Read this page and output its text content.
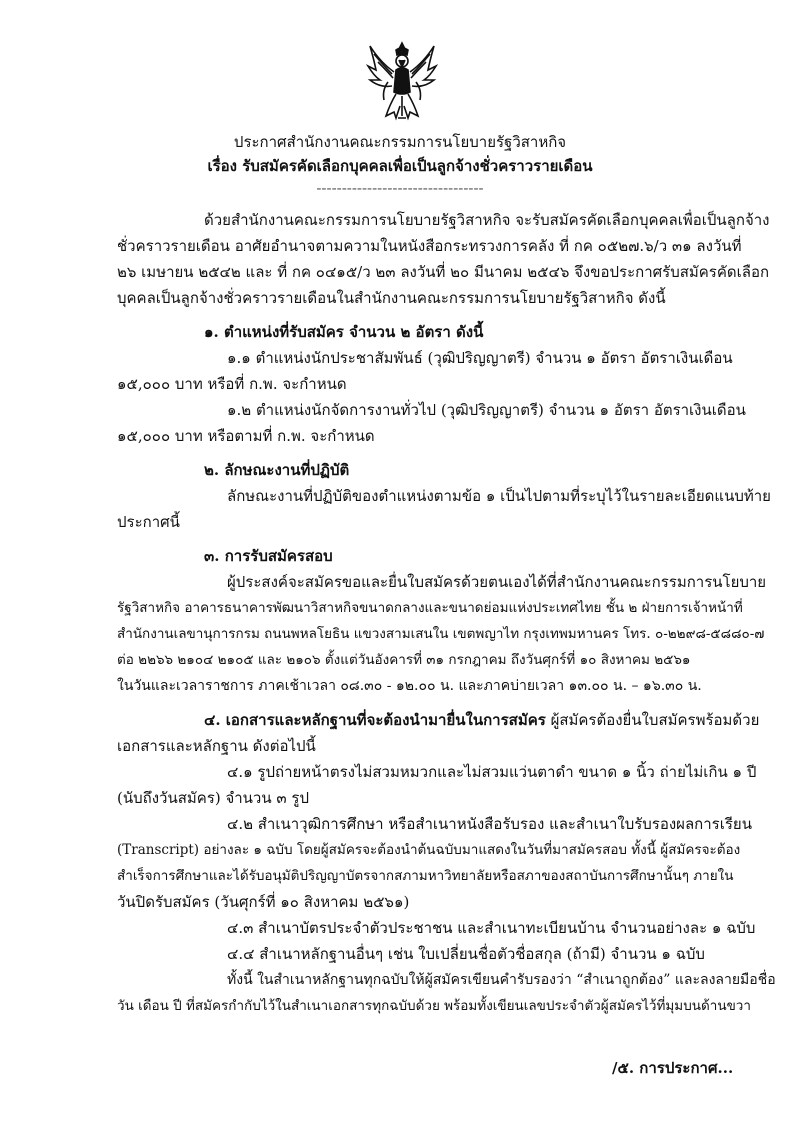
ประกาศสำนักงานคณะกรรมการนโยบายรัฐวิสาหกิจ
เรื่อง รับสมัครคัดเลือกบุคคลเพื่อเป็นลูกจ้างชั่วคราวรายเดือน
---------------------------------
ด้วยสำนักงานคณะกรรมการนโยบายรัฐวิสาหกิจ จะรับสมัครคัดเลือกบุคคลเพื่อเป็นลูกจ้าง
ชั่วคราวรายเดือน อาศัยอำนาจตามความในหนังสือกระทรวงการคลัง ที่ กค ๐๕๒๗.๖/ว ๓๑ ลงวันที่
๒๖ เมษายน ๒๕๔๒ และ ที่ กค ๐๔๑๕/ว ๒๓ ลงวันที่ ๒๐ มีนาคม ๒๕๔๖ จึงขอประกาศรับสมัครคัดเลือก
บุคคลเป็นลูกจ้างชั่วคราวรายเดือนในสำนักงานคณะกรรมการนโยบายรัฐวิสาหกิจ ดังนี้
๑. ตำแหน่งที่รับสมัคร จำนวน ๒ อัตรา ดังนี้
๑.๑ ตำแหน่งนักประชาสัมพันธ์ (วุฒิปริญญาตรี) จำนวน ๑ อัตรา อัตราเงินเดือน
๑๕,๐๐๐ บาท หรือที่ ก.พ. จะกำหนด
๑.๒ ตำแหน่งนักจัดการงานทั่วไป (วุฒิปริญญาตรี) จำนวน ๑ อัตรา อัตราเงินเดือน
๑๕,๐๐๐ บาท หรือตามที่ ก.พ. จะกำหนด
๒. ลักษณะงานที่ปฏิบัติ
ลักษณะงานที่ปฏิบัติของตำแหน่งตามข้อ ๑ เป็นไปตามที่ระบุไว้ในรายละเอียดแนบท้าย
ประกาศนี้
๓. การรับสมัครสอบ
ผู้ประสงค์จะสมัครขอและยื่นใบสมัครด้วยตนเองได้ที่สำนักงานคณะกรรมการนโยบาย
รัฐวิสาหกิจ อาคารธนาคารพัฒนาวิสาหกิจขนาดกลางและขนาดย่อมแห่งประเทศไทย ชั้น ๒ ฝ่ายการเจ้าหน้าที่
สำนักงานเลขานุการกรม ถนนพหลโยธิน แขวงสามเสนใน เขตพญาไท กรุงเทพมหานคร โทร. ๐-๒๒๙๘-๕๘๘๐-๗
ต่อ ๒๒๖๖ ๒๑๐๔ ๒๑๐๕ และ ๒๑๐๖ ตั้งแต่วันอังคารที่ ๓๑ กรกฎาคม ถึงวันศุกร์ที่ ๑๐ สิงหาคม ๒๕๖๑
ในวันและเวลาราชการ ภาคเช้าเวลา ๐๘.๓๐ - ๑๒.๐๐ น. และภาคบ่ายเวลา ๑๓.๐๐ น. – ๑๖.๓๐ น.
๔. เอกสารและหลักฐานที่จะต้องนำมายื่นในการสมัคร ผู้สมัครต้องยื่นใบสมัครพร้อมด้วย
เอกสารและหลักฐาน ดังต่อไปนี้
๔.๑ รูปถ่ายหน้าตรงไม่สวมหมวกและไม่สวมแว่นตาดำ ขนาด ๑ นิ้ว ถ่ายไม่เกิน ๑ ปี
(นับถึงวันสมัคร) จำนวน ๓ รูป
๔.๒ สำเนาวุฒิการศึกษา หรือสำเนาหนังสือรับรอง และสำเนาใบรับรองผลการเรียน
(Transcript) อย่างละ ๑ ฉบับ โดยผู้สมัครจะต้องนำต้นฉบับมาแสดงในวันที่มาสมัครสอบ ทั้งนี้ ผู้สมัครจะต้อง
สำเร็จการศึกษาและได้รับอนุมัติปริญญาบัตรจากสภามหาวิทยาลัยหรือสภาของสถาบันการศึกษานั้นๆ ภายใน
วันปิดรับสมัคร (วันศุกร์ที่ ๑๐ สิงหาคม ๒๕๖๑)
๔.๓ สำเนาบัตรประจำตัวประชาชน และสำเนาทะเบียนบ้าน จำนวนอย่างละ ๑ ฉบับ
๔.๔ สำเนาหลักฐานอื่นๆ เช่น ใบเปลี่ยนชื่อตัวชื่อสกุล (ถ้ามี) จำนวน ๑ ฉบับ
ทั้งนี้ ในสำเนาหลักฐานทุกฉบับให้ผู้สมัครเขียนคำรับรองว่า “สำเนาถูกต้อง” และลงลายมือชื่อ
วัน เดือน ปี ที่สมัครกำกับไว้ในสำเนาเอกสารทุกฉบับด้วย พร้อมทั้งเขียนเลขประจำตัวผู้สมัครไว้ที่มุมบนด้านขวา
/๕. การประกาศ...
